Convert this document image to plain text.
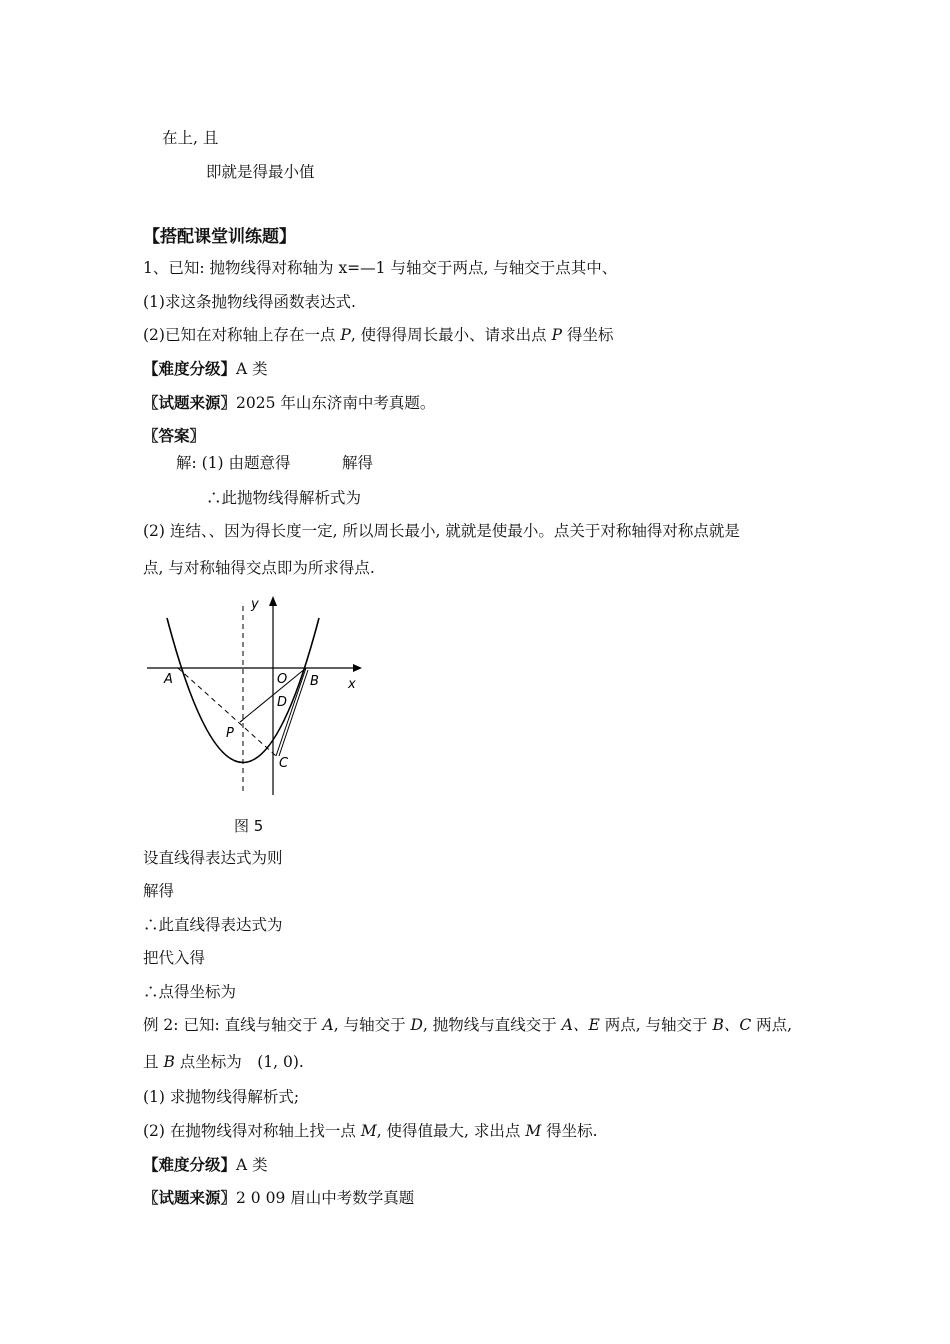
在上, 且
即就是得最小值
【搭配课堂训练题】
1、已知: 抛物线得对称轴为 x=—1 与轴交于两点, 与轴交于点其中、
(1)求这条抛物线得函数表达式.
(2)已知在对称轴上存在一点 P, 使得得周长最小、请求出点 P 得坐标
【难度分级】A 类
〖试题来源〗2025 年山东济南中考真题。
〖答案〗
解: (1) 由题意得	解得
∴此抛物线得解析式为
(2) 连结、、因为得长度一定, 所以周长最小, 就就是使最小。点关于对称轴得对称点就是
点, 与对称轴得交点即为所求得点.
y
x
A	O B
D
P
C
图 5
设直线得表达式为则
解得
∴此直线得表达式为
把代入得
∴点得坐标为
例 2: 已知: 直线与轴交于 A, 与轴交于 D, 抛物线与直线交于 A、E 两点, 与轴交于 B、C 两点,
且 B 点坐标为　(1, 0).
(1) 求抛物线得解析式;
(2) 在抛物线得对称轴上找一点 M, 使得值最大, 求出点 M 得坐标.
【难度分级】A 类
〖试题来源〗2 0 09 眉山中考数学真题
